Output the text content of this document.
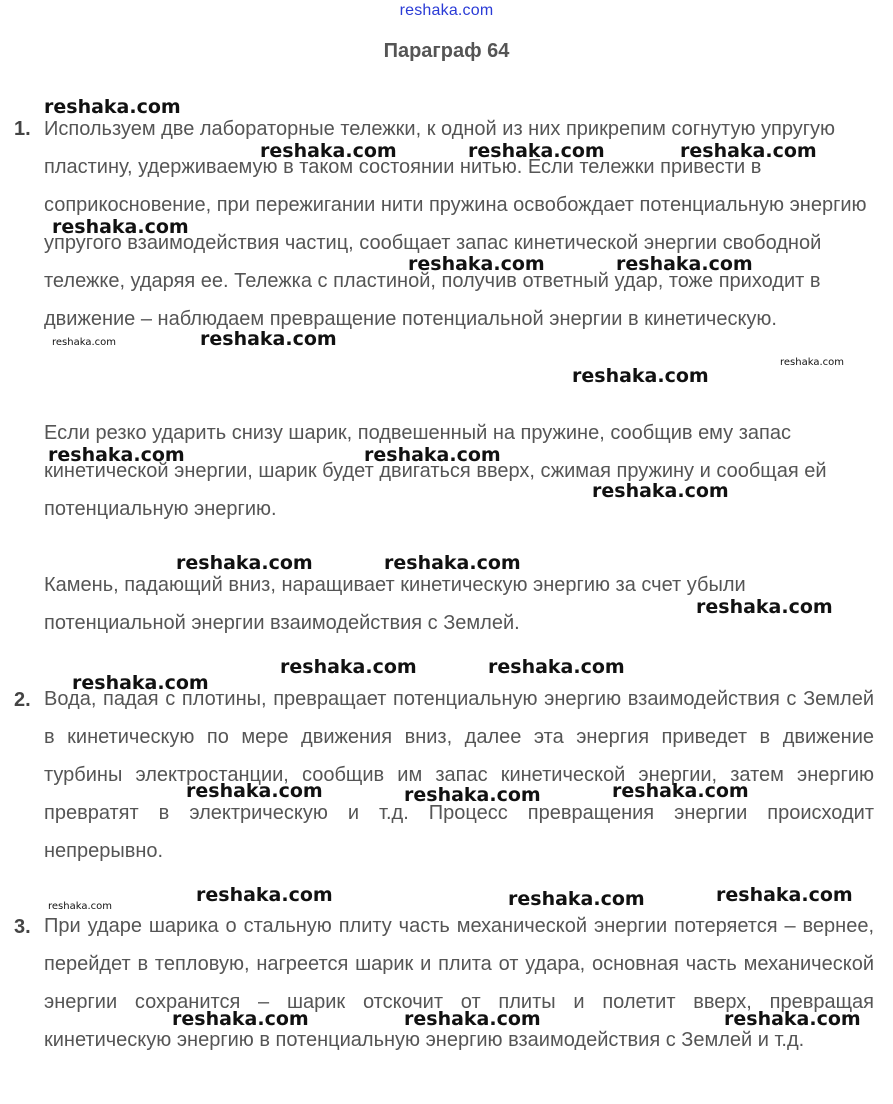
reshaka.com
Параграф 64
1. Используем две лабораторные тележки, к одной из них прикрепим согнутую упругую пластину, удерживаемую в таком состоянии нитью. Если тележки привести в соприкосновение, при пережигании нити пружина освобождает потенциальную энергию упругого взаимодействия частиц, сообщает запас кинетической энергии свободной тележке, ударяя ее. Тележка с пластиной, получив ответный удар, тоже приходит в движение – наблюдаем превращение потенциальной энергии в кинетическую.

Если резко ударить снизу шарик, подвешенный на пружине, сообщив ему запас кинетической энергии, шарик будет двигаться вверх, сжимая пружину и сообщая ей потенциальную энергию.

Камень, падающий вниз, наращивает кинетическую энергию за счет убыли потенциальной энергии взаимодействия с Землей.

2. Вода, падая с плотины, превращает потенциальную энергию взаимодействия с Землей в кинетическую по мере движения вниз, далее эта энергия приведет в движение турбины электростанции, сообщив им запас кинетической энергии, затем энергию превратят в электрическую и т.д. Процесс превращения энергии происходит непрерывно.

3. При ударе шарика о стальную плиту часть механической энергии потеряется – вернее, перейдет в тепловую, нагреется шарик и плита от удара, основная часть механической энергии сохранится – шарик отскочит от плиты и полетит вверх, превращая кинетическую энергию в потенциальную энергию взаимодействия с Землей и т.д.

reshaka.com
reshaka.com	reshaka.com	reshaka.com
reshaka.com
reshaka.com	reshaka.com
reshaka.com	reshaka.com
reshaka.com
reshaka.com
reshaka.com	reshaka.com
reshaka.com
reshaka.com	reshaka.com
reshaka.com
reshaka.com	reshaka.com
reshaka.com
reshaka.com	reshaka.com	reshaka.com
reshaka.com
reshaka.com	reshaka.com	reshaka.com
reshaka.com	reshaka.com	reshaka.com
